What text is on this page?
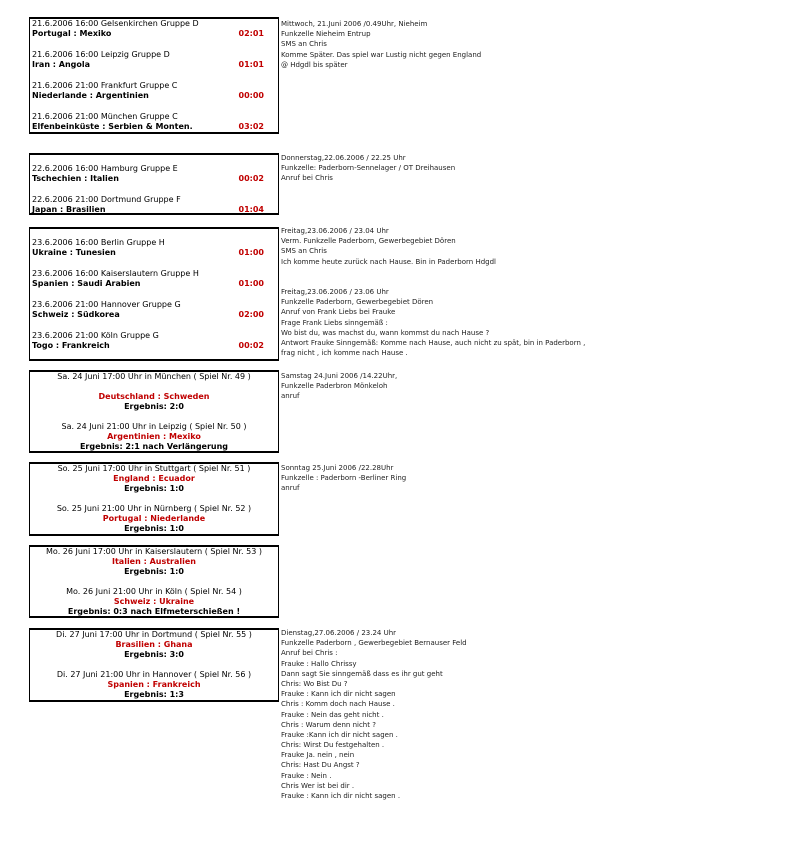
21.6.2006 16:00 Gelsenkirchen Gruppe D
Portugal : Mexiko	02:01
21.6.2006 16:00 Leipzig Gruppe D
Iran : Angola	01:01
21.6.2006 21:00 Frankfurt Gruppe C
Niederlande : Argentinien	00:00
21.6.2006 21:00 München Gruppe C
Elfenbeinküste : Serbien & Monten.	03:02
22.6.2006 16:00 Hamburg Gruppe E
Tschechien : Italien	00:02
22.6.2006 21:00 Dortmund Gruppe F
Japan : Brasilien	01:04
23.6.2006 16:00 Berlin Gruppe H
Ukraine : Tunesien	01:00
23.6.2006 16:00 Kaiserslautern Gruppe H
Spanien : Saudi Arabien	01:00
23.6.2006 21:00 Hannover Gruppe G
Schweiz : Südkorea	02:00
23.6.2006 21:00 Köln Gruppe G
Togo : Frankreich	00:02
Sa. 24 Juni 17:00 Uhr in München ( Spiel Nr. 49 )
Deutschland : Schweden
Ergebnis: 2:0
Sa. 24 Juni 21:00 Uhr in Leipzig ( Spiel Nr. 50 )
Argentinien : Mexiko
Ergebnis: 2:1 nach Verlängerung
So. 25 Juni 17:00 Uhr in Stuttgart ( Spiel Nr. 51 )
England : Ecuador
Ergebnis: 1:0
So. 25 Juni 21:00 Uhr in Nürnberg ( Spiel Nr. 52 )
Portugal : Niederlande
Ergebnis: 1:0
Mo. 26 Juni 17:00 Uhr in Kaiserslautern ( Spiel Nr. 53 )
Italien : Australien
Ergebnis: 1:0
Mo. 26 Juni 21:00 Uhr in Köln ( Spiel Nr. 54 )
Schweiz : Ukraine
Ergebnis: 0:3 nach Elfmeterschießen !
Di. 27 Juni 17:00 Uhr in Dortmund ( Spiel Nr. 55 )
Brasilien : Ghana
Ergebnis: 3:0
Di. 27 Juni 21:00 Uhr in Hannover ( Spiel Nr. 56 )
Spanien : Frankreich
Ergebnis: 1:3
Mittwoch, 21.Juni 2006 /0.49Uhr, Nieheim
Funkzelle Nieheim Entrup
SMS an Chris
Komme Später. Das spiel war Lustig nicht gegen England
@ Hdgdl bis später
Donnerstag,22.06.2006 / 22.25 Uhr
Funkzelle: Paderborn-Sennelager / OT Dreihausen
Anruf bei Chris
Freitag,23.06.2006 / 23.04 Uhr
Verm. Funkzelle Paderborn, Gewerbegebiet Dören
SMS an Chris
Ich komme heute zurück nach Hause. Bin in Paderborn Hdgdl
Freitag,23.06.2006 / 23.06 Uhr
Funkzelle Paderborn, Gewerbegebiet Dören
Anruf von Frank Liebs bei Frauke
Frage Frank Liebs sinngemäß :
Wo bist du, was machst du, wann kommst du nach Hause ?
Antwort Frauke Sinngemäß: Komme nach Hause, auch nicht zu spät, bin in Paderborn ,
frag nicht , ich komme nach Hause .
Samstag 24.Juni 2006 /14.22Uhr,
Funkzelle Paderbron Mönkeloh
anruf
Sonntag 25.Juni 2006 /22.28Uhr
Funkzelle : Paderborn -Berliner Ring
anruf
Dienstag,27.06.2006 / 23.24 Uhr
Funkzelle Paderborn , Gewerbegebiet Bernauser Feld
Anruf bei Chris :
Frauke : Hallo Chrissy
Dann sagt Sie sinngemäß dass es ihr gut geht
Chris: Wo Bist Du ?
Frauke : Kann ich dir nicht sagen
Chris : Komm doch nach Hause .
Frauke : Nein das geht nicht .
Chris : Warum denn nicht ?
Frauke :Kann ich dir nicht sagen .
Chris: Wirst Du festgehalten .
Frauke Ja. nein , nein
Chris: Hast Du Angst ?
Frauke : Nein .
Chris Wer ist bei dir .
Frauke : Kann ich dir nicht sagen .
